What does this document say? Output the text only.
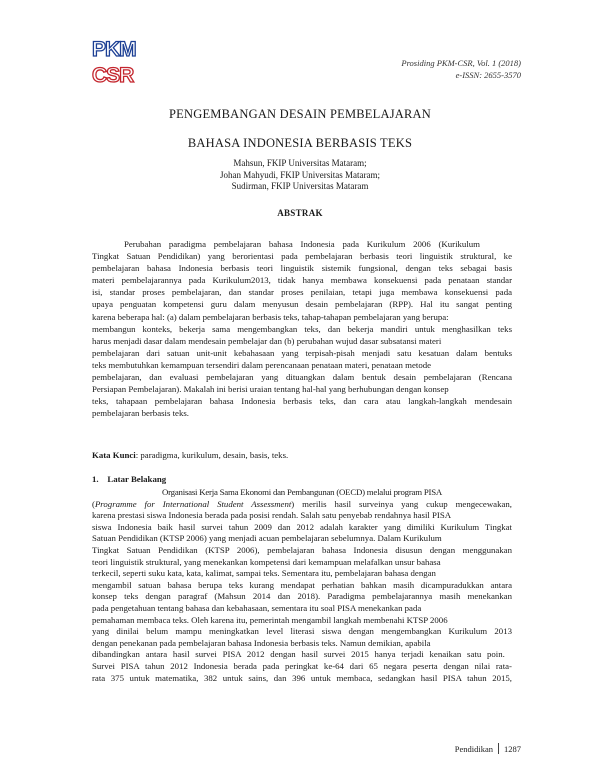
PKM
CSR
Prosiding PKM-CSR, Vol. 1 (2018)
e-ISSN: 2655-3570
PENGEMBANGAN DESAIN PEMBELAJARAN
BAHASA INDONESIA BERBASIS TEKS
Mahsun, FKIP Universitas Mataram;
Johan Mahyudi, FKIP Universitas Mataram;
Sudirman, FKIP Universitas Mataram
ABSTRAK
Perubahan paradigma pembelajaran bahasa Indonesia pada Kurikulum 2006 (Kurikulum
Tingkat Satuan Pendidikan) yang berorientasi pada pembelajaran berbasis teori linguistik struktural, ke
pembelajaran bahasa Indonesia berbasis teori linguistik sistemik fungsional, dengan teks sebagai basis
materi pembelajarannya pada Kurikulum2013, tidak hanya membawa konsekuensi pada penataan standar
isi, standar proses pembelajaran, dan standar proses penilaian, tetapi juga membawa konsekuensi pada
upaya penguatan kompetensi guru dalam menyusun desain pembelajaran (RPP). Hal itu sangat penting
karena beberapa hal: (a) dalam pembelajaran berbasis teks, tahap-tahapan pembelajaran yang berupa:
membangun konteks, bekerja sama mengembangkan teks, dan bekerja mandiri untuk menghasilkan teks
harus menjadi dasar dalam mendesain pembelajar dan (b) perubahan wujud dasar subsatansi materi
pembelajaran dari satuan unit-unit kebahasaan yang terpisah-pisah menjadi satu kesatuan dalam bentuks
teks membutuhkan kemampuan tersendiri dalam perencanaan penataan materi, penataan metode
pembelajaran, dan evaluasi pembelajaran yang dituangkan dalam bentuk desain pembelajaran (Rencana
Persiapan Pembelajaran). Makalah ini berisi uraian tentang hal-hal yang berhubungan dengan konsep
teks, tahapaan pembelajaran bahasa Indonesia berbasis teks, dan cara atau langkah-langkah mendesain
pembelajaran berbasis teks.
Kata Kunci: paradigma, kurikulum, desain, basis, teks.
1. Latar Belakang
Organisasi Kerja Sama Ekonomi dan Pembangunan (OECD) melalui program PISA
(Programme for International Student Assessment) merilis hasil surveinya yang cukup mengecewakan,
karena prestasi siswa Indonesia berada pada posisi rendah. Salah satu penyebab rendahnya hasil PISA
siswa Indonesia baik hasil survei tahun 2009 dan 2012 adalah karakter yang dimiliki Kurikulum Tingkat
Satuan Pendidikan (KTSP 2006) yang menjadi acuan pembelajaran sebelumnya. Dalam Kurikulum
Tingkat Satuan Pendidikan (KTSP 2006), pembelajaran bahasa Indonesia disusun dengan menggunakan
teori linguistik struktural, yang menekankan kompetensi dari kemampuan melafalkan unsur bahasa
terkecil, seperti suku kata, kata, kalimat, sampai teks. Sementara itu, pembelajaran bahasa dengan
mengambil satuan bahasa berupa teks kurang mendapat perhatian bahkan masih dicampuradukkan antara
konsep teks dengan paragraf (Mahsun 2014 dan 2018). Paradigma pembelajarannya masih menekankan
pada pengetahuan tentang bahasa dan kebahasaan, sementara itu soal PISA menekankan pada
pemahaman membaca teks. Oleh karena itu, pemerintah mengambil langkah membenahi KTSP 2006
yang dinilai belum mampu meningkatkan level literasi siswa dengan mengembangkan Kurikulum 2013
dengan penekanan pada pembelajaran bahasa Indonesia berbasis teks. Namun demikian, apabila
dibandingkan antara hasil survei PISA 2012 dengan hasil survei 2015 hanya terjadi kenaikan satu poin.
Survei PISA tahun 2012 Indonesia berada pada peringkat ke-64 dari 65 negara peserta dengan nilai rata-
rata 375 untuk matematika, 382 untuk sains, dan 396 untuk membaca, sedangkan hasil PISA tahun 2015,
Pendidikan 1287
